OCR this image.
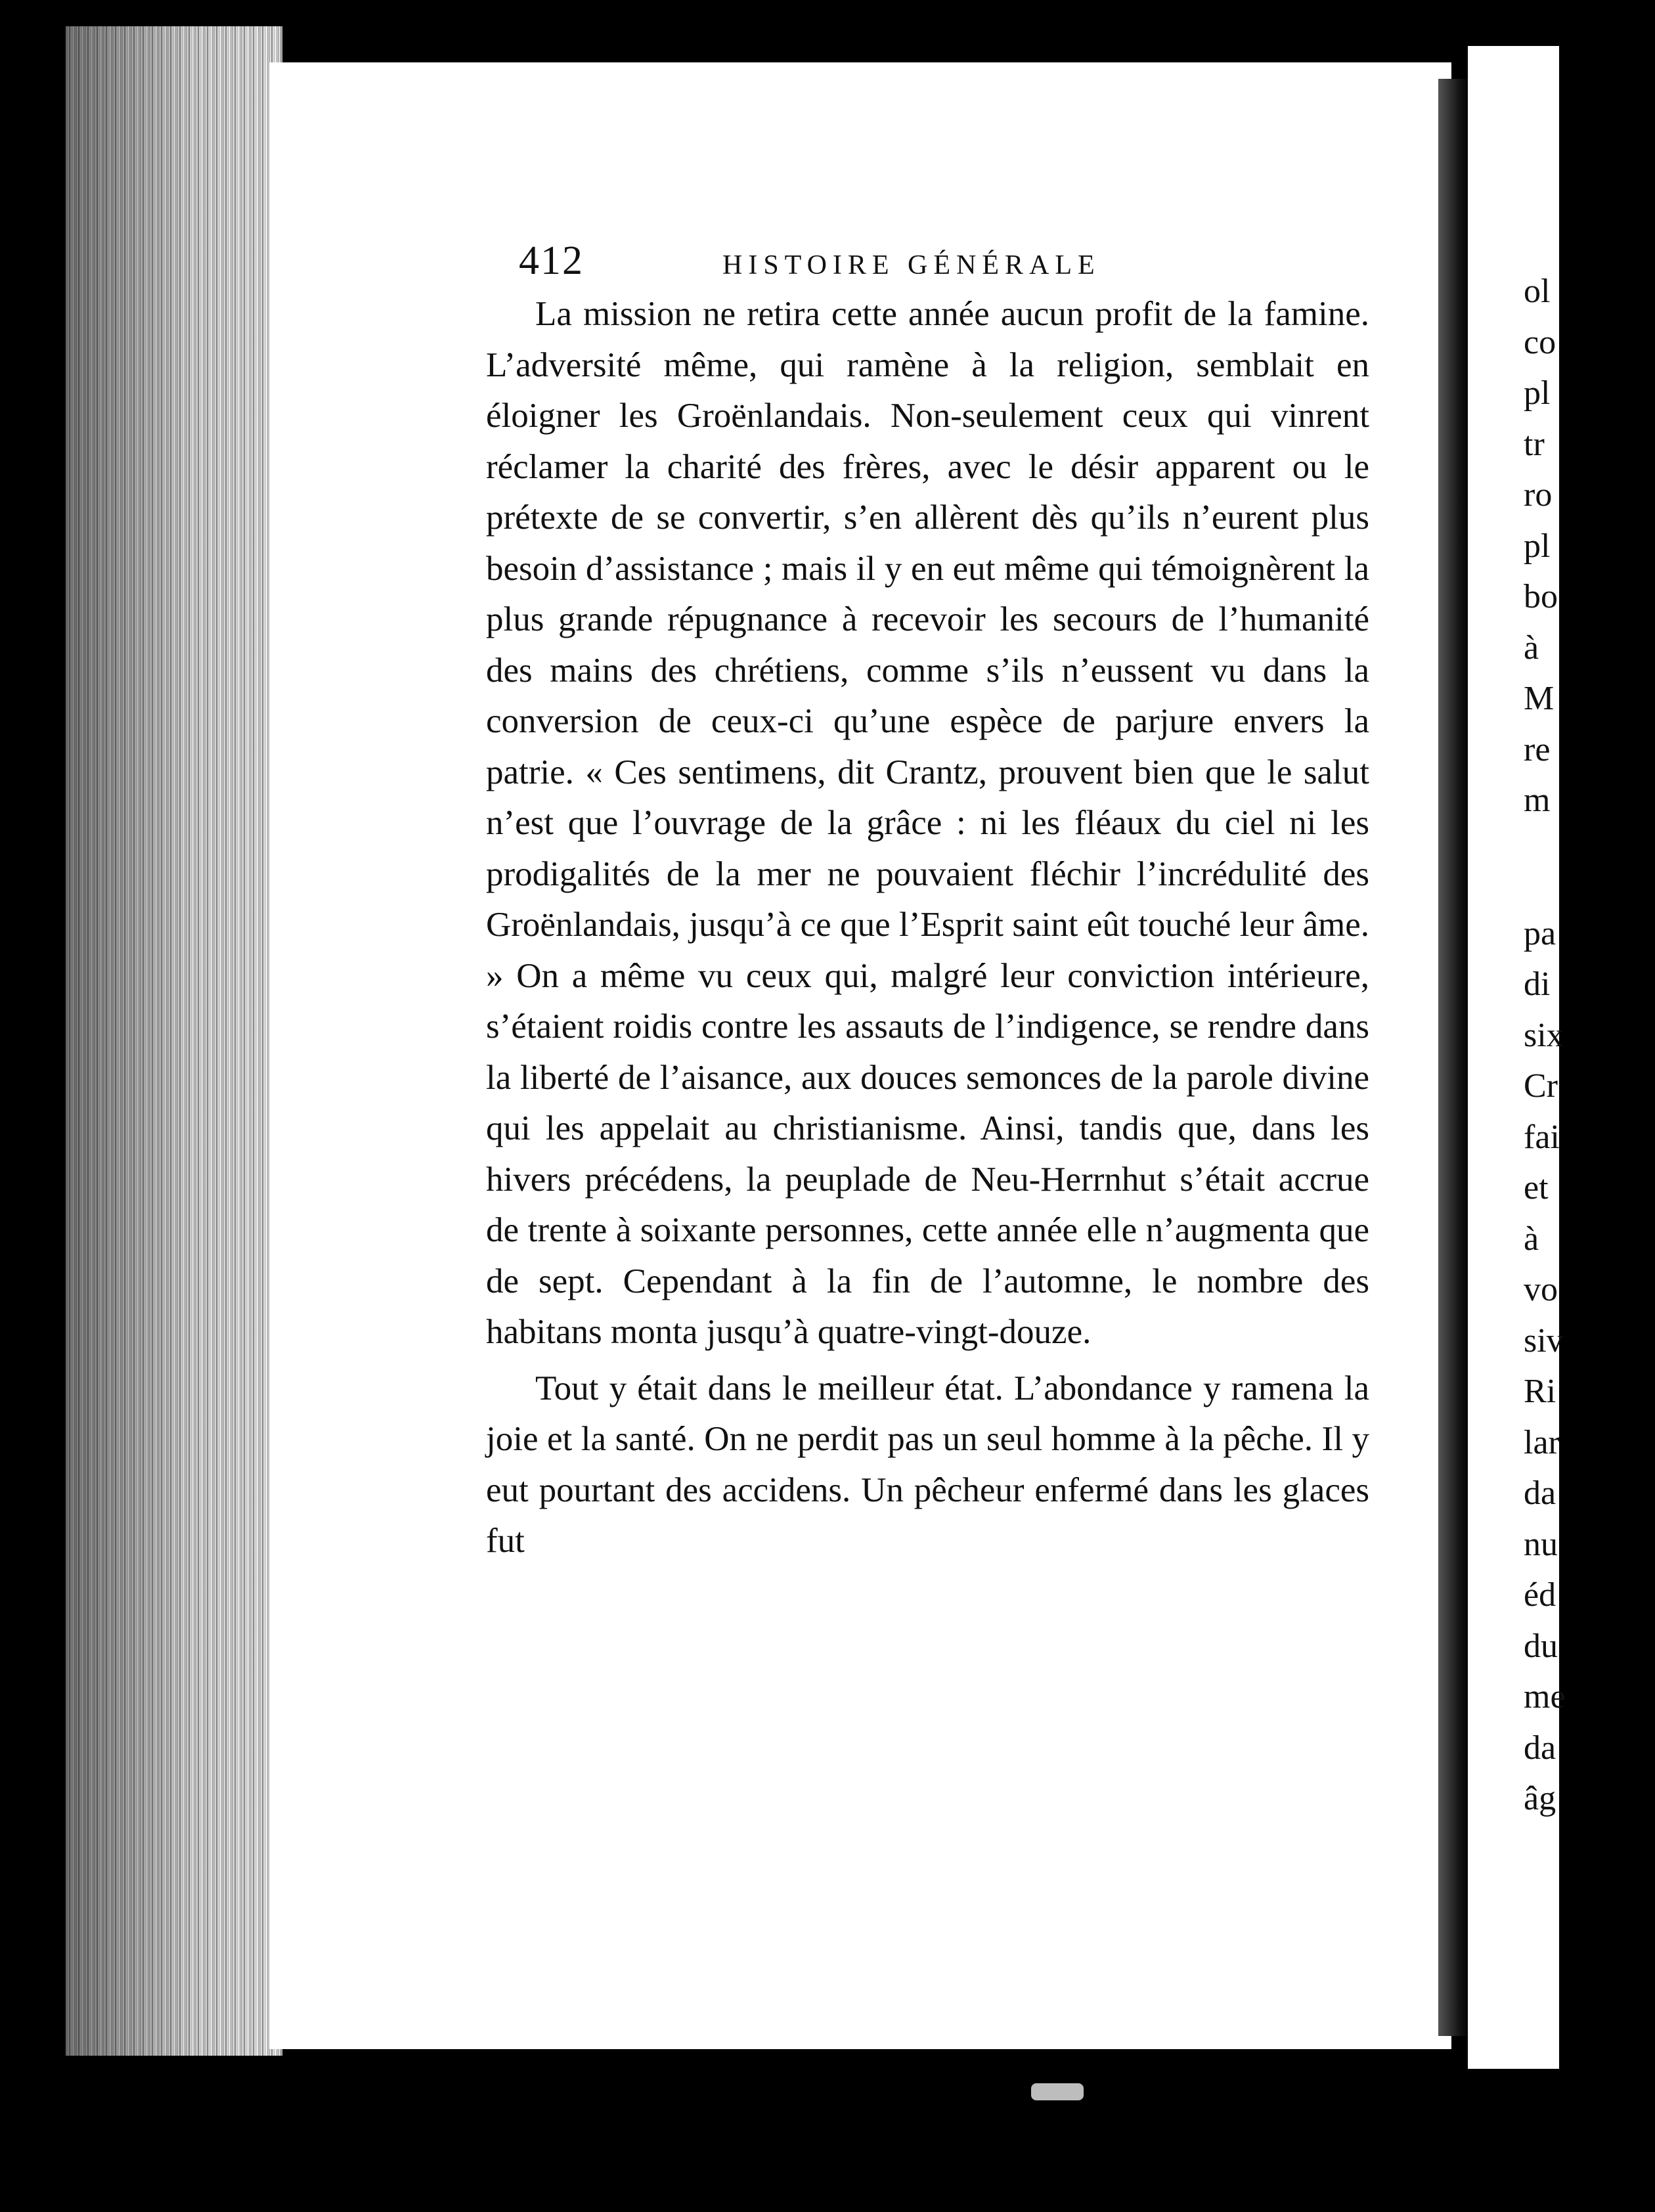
412	HISTOIRE GÉNÉRALE

La mission ne retira cette année aucun profit de la famine. L’adversité même, qui ramène à la religion, semblait en éloigner les Groënlandais. Non-seulement ceux qui vinrent réclamer la charité des frères, avec le désir apparent ou le prétexte de se convertir, s’en allèrent dès qu’ils n’eurent plus besoin d’assistance ; mais il y en eut même qui témoignèrent la plus grande répugnance à recevoir les secours de l’humanité des mains des chrétiens, comme s’ils n’eussent vu dans la conversion de ceux-ci qu’une espèce de parjure envers la patrie. « Ces sentimens, dit Crantz, prouvent bien que le salut n’est que l’ouvrage de la grâce : ni les fléaux du ciel ni les prodigalités de la mer ne pouvaient fléchir l’incrédulité des Groënlandais, jusqu’à ce que l’Esprit saint eût touché leur âme. » On a même vu ceux qui, malgré leur conviction intérieure, s’étaient roidis contre les assauts de l’indigence, se rendre dans la liberté de l’aisance, aux douces semonces de la parole divine qui les appelait au christianisme. Ainsi, tandis que, dans les hivers précédens, la peuplade de Neu-Herrnhut s’était accrue de trente à soixante personnes, cette année elle n’augmenta que de sept. Cependant à la fin de l’automne, le nombre des habitans monta jusqu’à quatre-vingt-douze.

Tout y était dans le meilleur état. L’abondance y ramena la joie et la santé. On ne perdit pas un seul homme à la pêche. Il y eut pourtant des accidens. Un pêcheur enfermé dans les glaces fut

ol
co
pl
tr
ro
pl
bo
à
M
re
m
pa
di
six
Cr
fai
et
à
vo
siv
Ri
lar
da
nu
éd
du
me
da
âg
